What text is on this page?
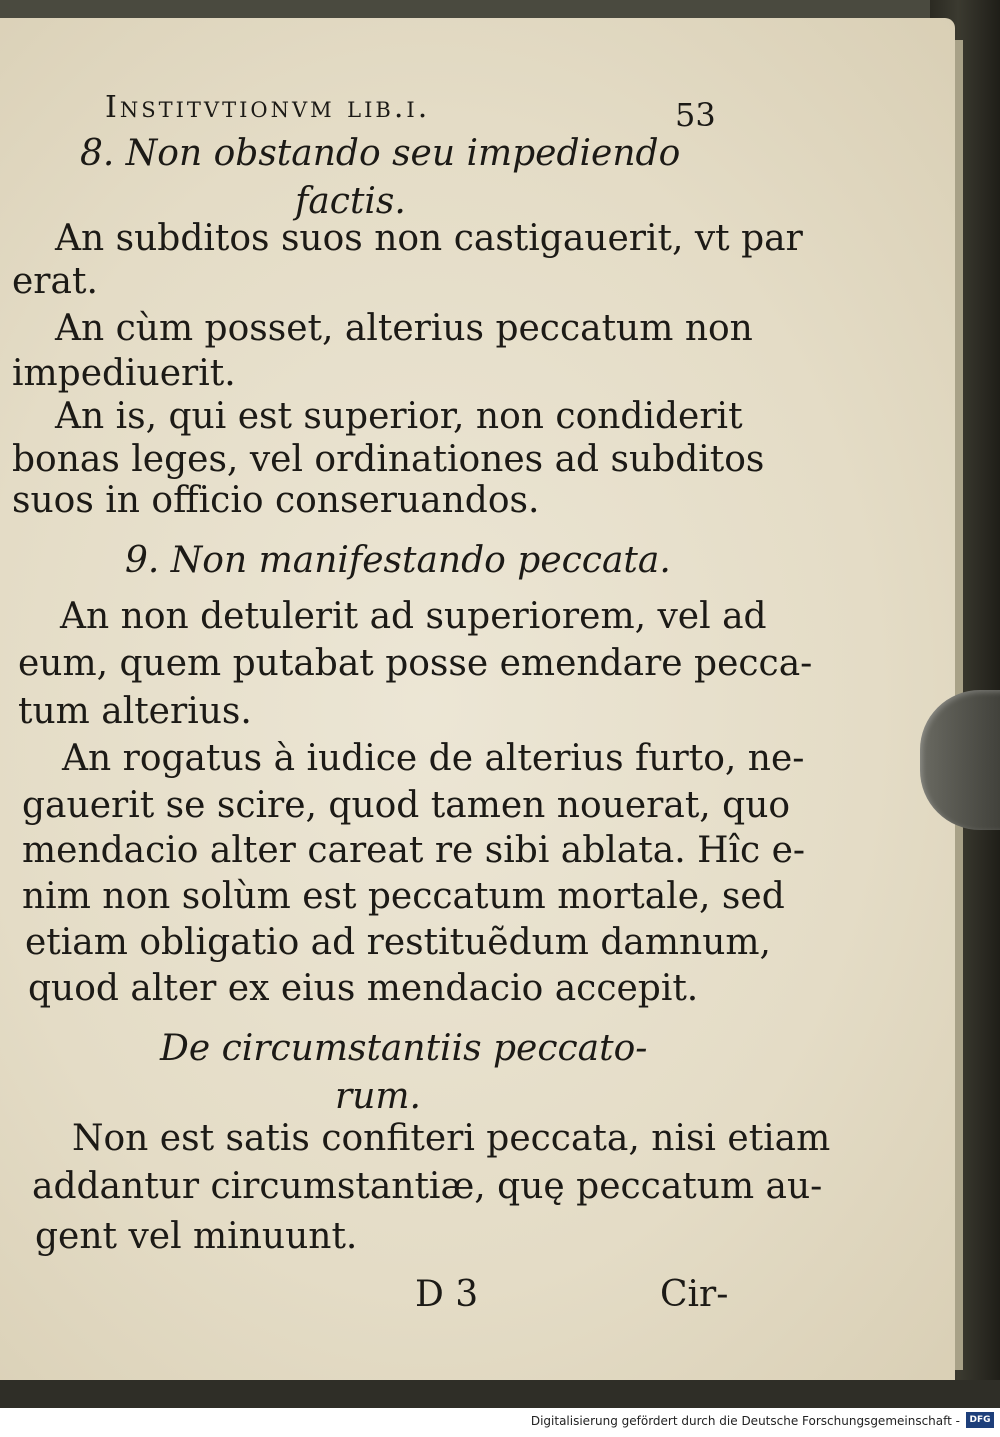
Institvtionvm lib.i.	53
8. Non obstando seu impediendo
factis.
An subditos suos non castigauerit, vt par
erat.
An cùm posset, alterius peccatum non
impediuerit.
An is, qui est superior, non condiderit
bonas leges, vel ordinationes ad subditos
suos in officio conseruandos.
9. Non manifestando peccata.
An non detulerit ad superiorem, vel ad
eum, quem putabat posse emendare pecca-
tum alterius.
An rogatus à iudice de alterius furto, ne-
gauerit se scire, quod tamen nouerat, quo
mendacio alter careat re sibi ablata. Hîc e-
nim non solùm est peccatum mortale, sed
etiam obligatio ad restituẽdum damnum,
quod alter ex eius mendacio accepit.
De circumstantiis peccato-
rum.
Non est satis confiteri peccata, nisi etiam
addantur circumstantiæ, quę peccatum au-
gent vel minuunt.
D 3	Cir-
Digitalisierung gefördert durch die Deutsche Forschungsgemeinschaft -	DFG
